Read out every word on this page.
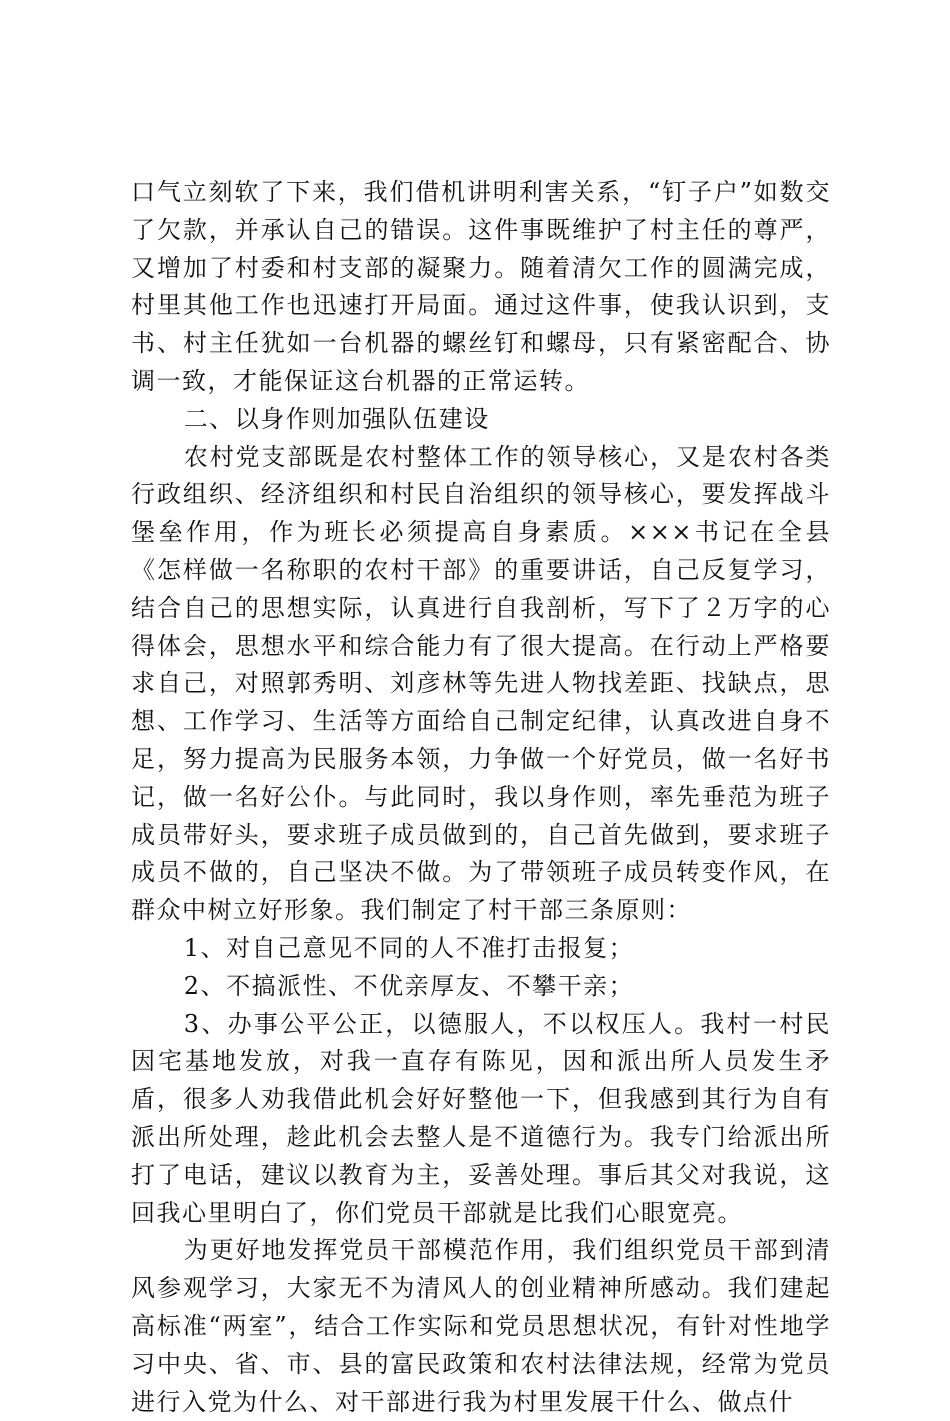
口气立刻软了下来，我们借机讲明利害关系，“钉子户”如数交了欠款，并承认自己的错误。这件事既维护了村主任的尊严，又增加了村委和村支部的凝聚力。随着清欠工作的圆满完成，村里其他工作也迅速打开局面。通过这件事，使我认识到，支书、村主任犹如一台机器的螺丝钉和螺母，只有紧密配合、协调一致，才能保证这台机器的正常运转。

二、以身作则加强队伍建设

农村党支部既是农村整体工作的领导核心，又是农村各类行政组织、经济组织和村民自治组织的领导核心，要发挥战斗堡垒作用，作为班长必须提高自身素质。×××书记在全县《怎样做一名称职的农村干部》的重要讲话，自己反复学习，结合自己的思想实际，认真进行自我剖析，写下了２万字的心得体会，思想水平和综合能力有了很大提高。在行动上严格要求自己，对照郭秀明、刘彦林等先进人物找差距、找缺点，思想、工作学习、生活等方面给自己制定纪律，认真改进自身不足，努力提高为民服务本领，力争做一个好党员，做一名好书记，做一名好公仆。与此同时，我以身作则，率先垂范为班子成员带好头，要求班子成员做到的，自己首先做到，要求班子成员不做的，自己坚决不做。为了带领班子成员转变作风，在群众中树立好形象。我们制定了村干部三条原则：

1、对自己意见不同的人不准打击报复；

2、不搞派性、不优亲厚友、不攀干亲；

3、办事公平公正，以德服人，不以权压人。我村一村民因宅基地发放，对我一直存有陈见，因和派出所人员发生矛盾，很多人劝我借此机会好好整他一下，但我感到其行为自有派出所处理，趁此机会去整人是不道德行为。我专门给派出所打了电话，建议以教育为主，妥善处理。事后其父对我说，这回我心里明白了，你们党员干部就是比我们心眼宽亮。

为更好地发挥党员干部模范作用，我们组织党员干部到清风参观学习，大家无不为清风人的创业精神所感动。我们建起高标准“两室”，结合工作实际和党员思想状况，有针对性地学习中央、省、市、县的富民政策和农村法律法规，经常为党员进行入党为什么、对干部进行我为村里发展干什么、做点什
